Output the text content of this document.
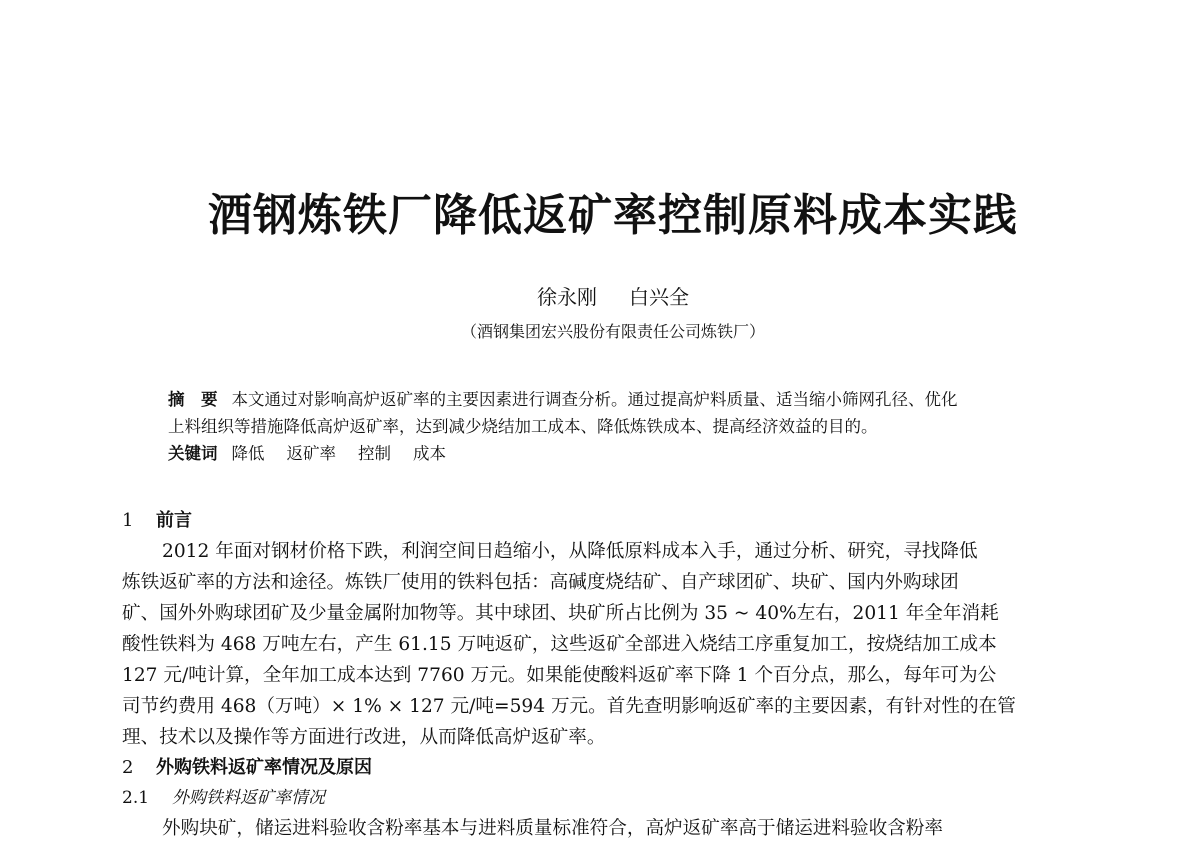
酒钢炼铁厂降低返矿率控制原料成本实践
徐永刚 白兴全
（酒钢集团宏兴股份有限责任公司炼铁厂）
摘　要 本文通过对影响高炉返矿率的主要因素进行调查分析。通过提高炉料质量、适当缩小筛网孔径、优化
上料组织等措施降低高炉返矿率，达到减少烧结加工成本、降低炼铁成本、提高经济效益的目的。
关键词 降低 返矿率 控制 成本
1 前言
2012 年面对钢材价格下跌，利润空间日趋缩小，从降低原料成本入手，通过分析、研究，寻找降低
炼铁返矿率的方法和途径。炼铁厂使用的铁料包括：高碱度烧结矿、自产球团矿、块矿、国内外购球团
矿、国外外购球团矿及少量金属附加物等。其中球团、块矿所占比例为 35 ~ 40%左右，2011 年全年消耗
酸性铁料为 468 万吨左右，产生 61.15 万吨返矿，这些返矿全部进入烧结工序重复加工，按烧结加工成本
127 元/吨计算，全年加工成本达到 7760 万元。如果能使酸料返矿率下降 1 个百分点，那么，每年可为公
司节约费用 468（万吨）× 1% × 127 元/吨=594 万元。首先查明影响返矿率的主要因素，有针对性的在管
理、技术以及操作等方面进行改进，从而降低高炉返矿率。
2 外购铁料返矿率情况及原因
2.1 外购铁料返矿率情况
外购块矿，储运进料验收含粉率基本与进料质量标准符合，高炉返矿率高于储运进料验收含粉率
